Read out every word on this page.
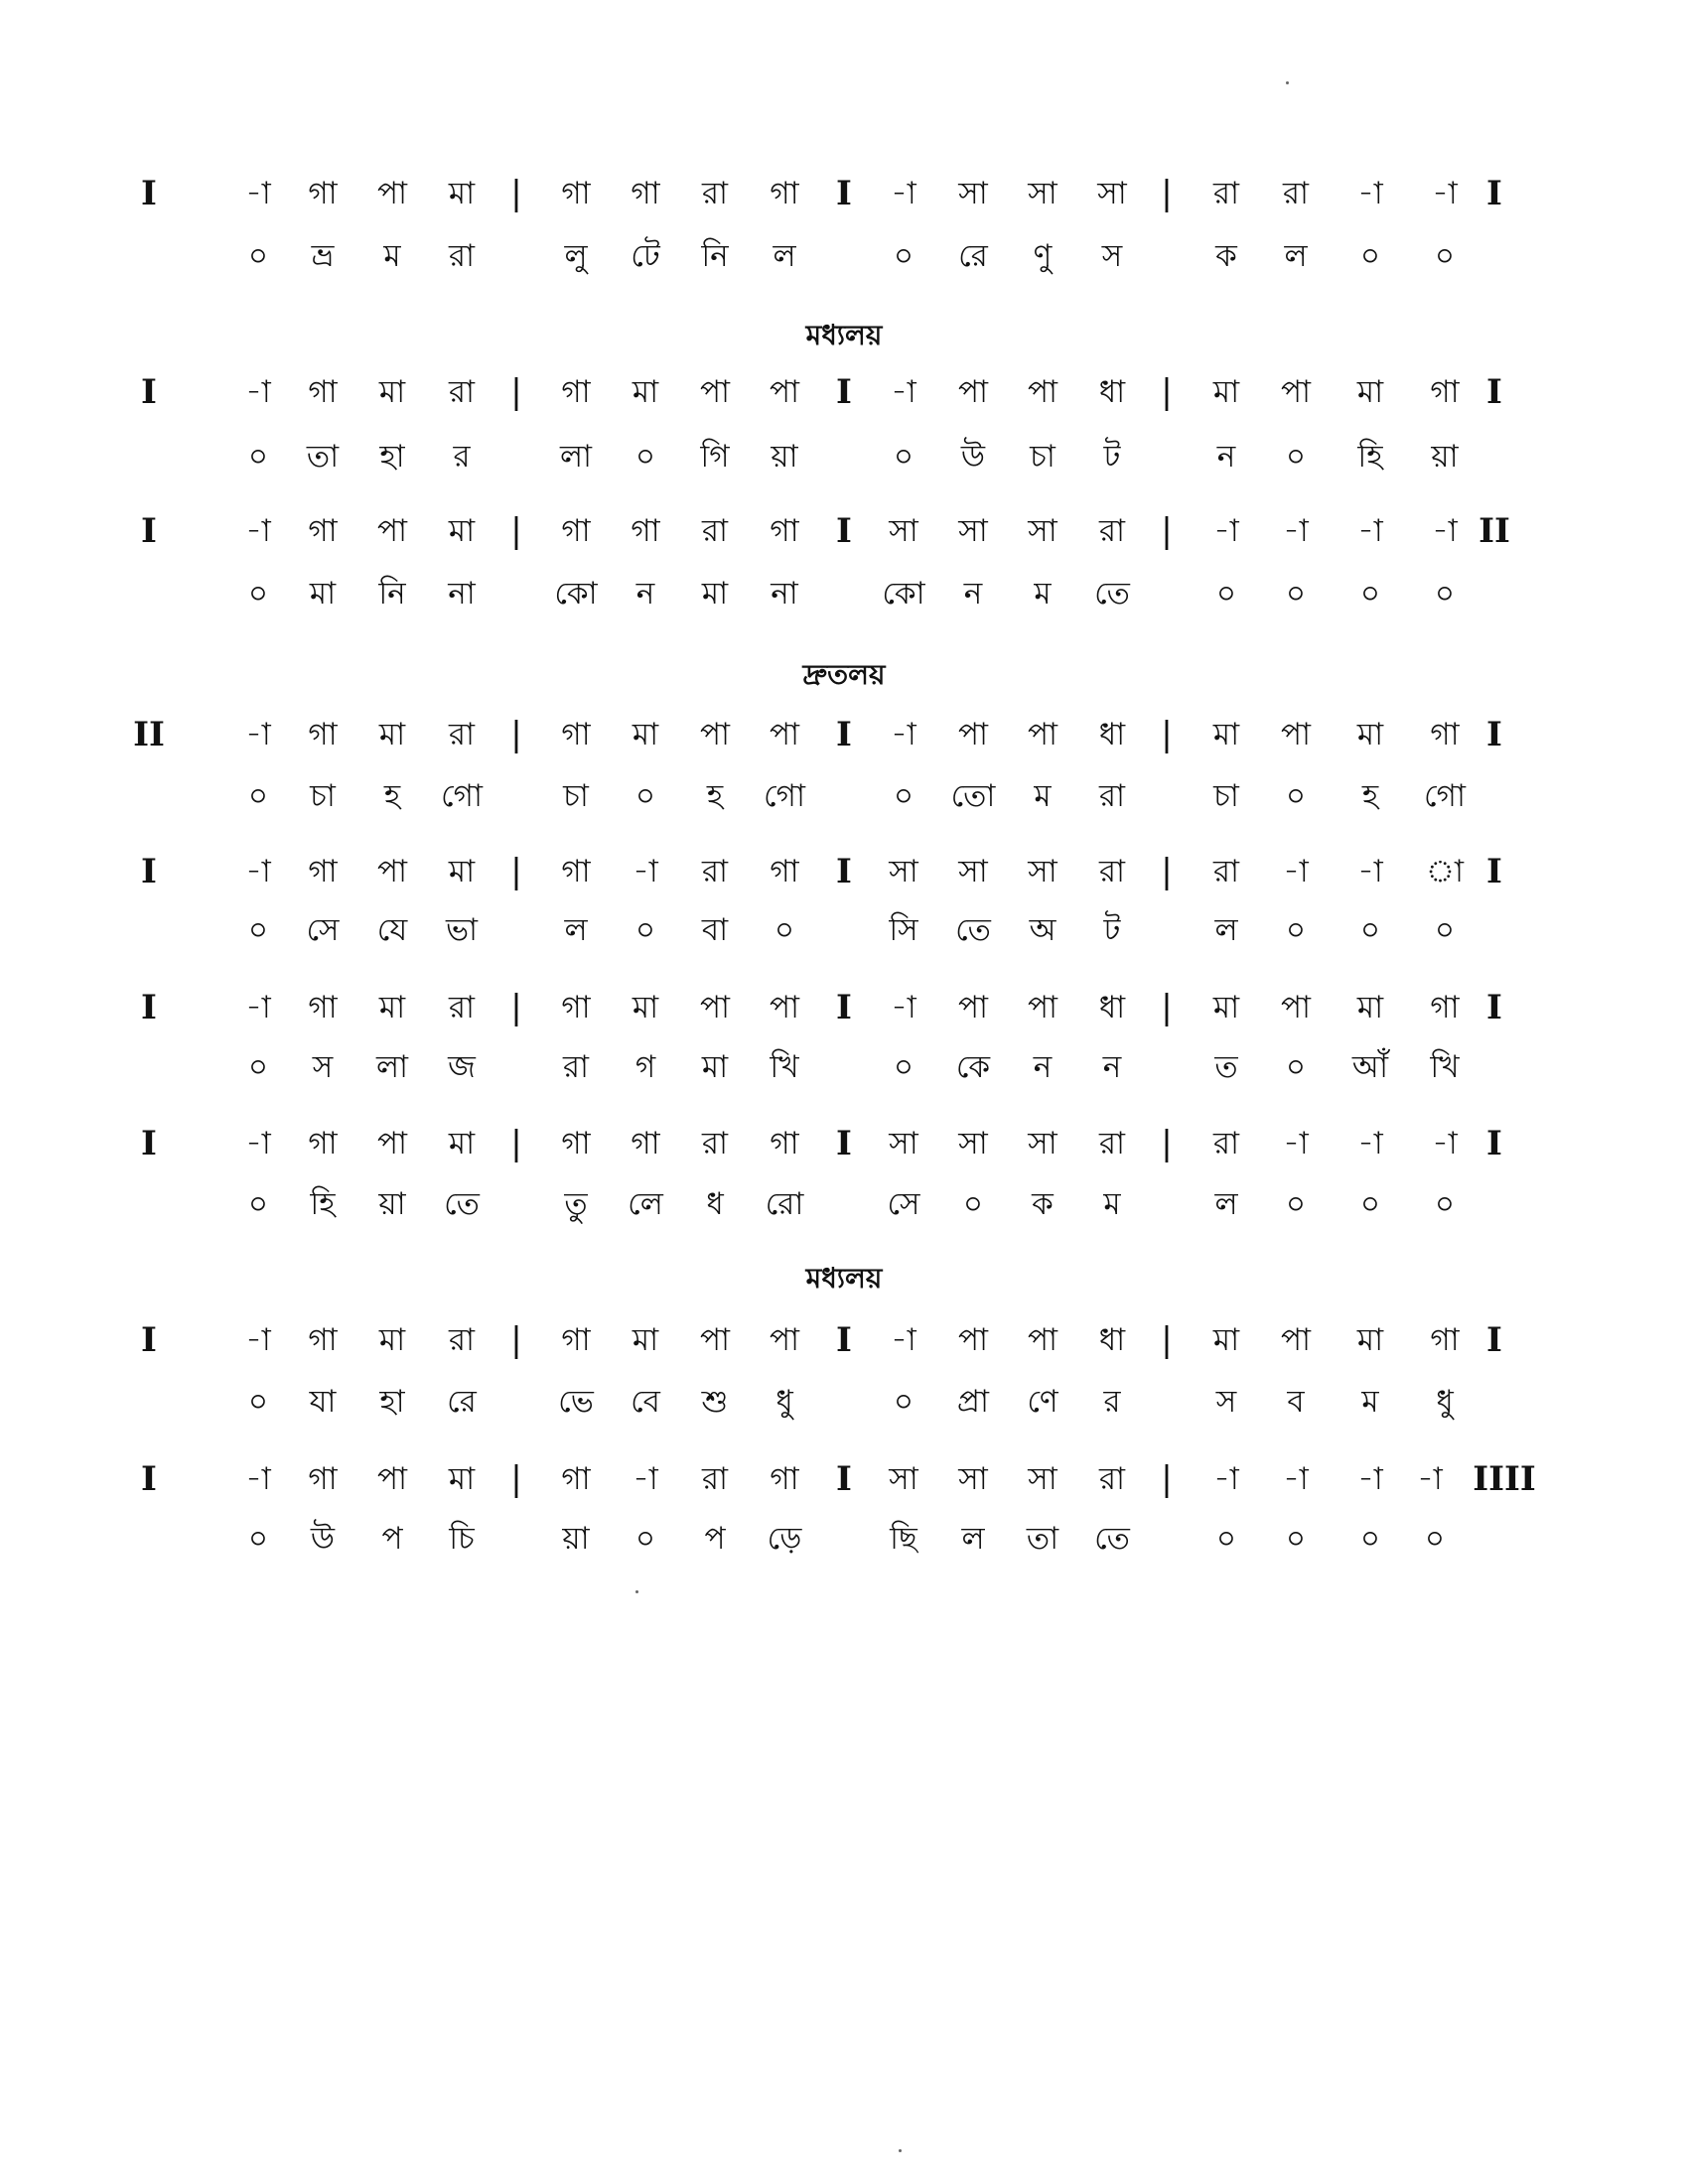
I	-া	গা	পা	মা	|	গা	গা	রা	গা	I	-া	সা	সা	সা	|	রা	রা	-া	-া I
০	ভ্র	ম	রা	লু	টে	নি	ল	০	রে	ণু	স	ক	ল	০	০
মধ্যলয়
I	-া	গা	মা	রা	|	গা	মা	পা	পা	I	-া	পা	পা	ধা	|	মা	পা	মা	গা I
০	তা	হা	র	লা	০	গি	য়া	০	উ	চা	ট	ন	০	হি	য়া
I	-া	গা	পা	মা	|	গা	গা	রা	গা	I	সা	সা	সা	রা	|	-া	-া	-া	-া II
০	মা	নি	না	কো	ন	মা	না	কো	ন	ম	তে	০	০	০	০
দ্রুতলয়
II	-া	গা	মা	রা	|	গা	মা	পা	পা	I	-া	পা	পা	ধা	|	মা	পা	মা	গা I
০	চা	হ	গো	চা	০	হ	গো	০	তো	ম	রা	চা	০	হ	গো
I	-া	গা	পা	মা	|	গা	-া	রা	গা	I	সা	সা	সা	রা	|	রা	-া	-া	া I
০	সে	যে	ভা	ল	০	বা	০	সি	তে	অ	ট	ল	০	০	০
I	-া	গা	মা	রা	|	গা	মা	পা	পা	I	-া	পা	পা	ধা	|	মা	পা	মা	গা I
০	স	লা	জ	রা	গ	মা	খি	০	কে	ন	ন	ত	০	আঁ	খি
I	-া	গা	পা	মা	|	গা	গা	রা	গা	I	সা	সা	সা	রা	|	রা	-া	-া	-া I
০	হি	য়া	তে	তু	লে	ধ	রো	সে	০	ক	ম	ল	০	০	০
মধ্যলয়
I	-া	গা	মা	রা	|	গা	মা	পা	পা	I	-া	পা	পা	ধা	|	মা	পা	মা	গা I
০	যা	হা	রে	ভে	বে	শু	ধু	০	প্রা	ণে	র	স	ব	ম	ধু
I	-া	গা	পা	মা	|	গা	-া	রা	গা	I	সা	সা	সা	রা	|	-া	-া	-া	-া IIII
০	উ	প	চি	য়া	০	প	ড়ে	ছি	ল	তা	তে	০	০	০	০
